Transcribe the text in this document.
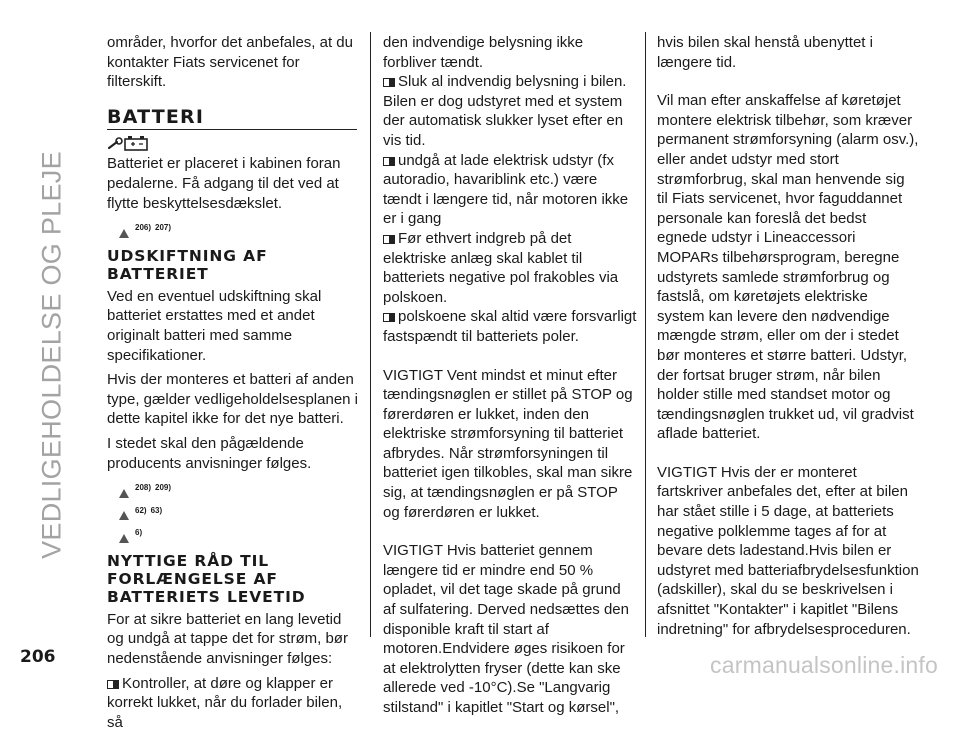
VEDLIGEHOLDELSE OG PLEJE

områder, hvorfor det anbefales, at du kontakter Fiats servicenet for filterskift.

BATTERI

Batteriet er placeret i kabinen foran pedalerne. Få adgang til det ved at flytte beskyttelsesdækslet.

206) 207)
UDSKIFTNING AF BATTERIET

Ved en eventuel udskiftning skal batteriet erstattes med et andet originalt batteri med samme specifikationer.

Hvis der monteres et batteri af anden type, gælder vedligeholdelsesplanen i dette kapitel ikke for det nye batteri.

I stedet skal den pågældende producents anvisninger følges.

208) 209)
62) 63)
6)
NYTTIGE RÅD TIL FORLÆNGELSE AF BATTERIETS LEVETID

For at sikre batteriet en lang levetid og undgå at tappe det for strøm, bør nedenstående anvisninger følges:

Kontroller, at døre og klapper er korrekt lukket, når du forlader bilen, så

den indvendige belysning ikke forbliver tændt.

Sluk al indvendig belysning i bilen.

Bilen er dog udstyret med et system der automatisk slukker lyset efter en vis tid.

undgå at lade elektrisk udstyr (fx autoradio, havariblink etc.) være tændt i længere tid, når motoren ikke er i gang

Før ethvert indgreb på det elektriske anlæg skal kablet til batteriets negative pol frakobles via polskoen.

polskoene skal altid være forsvarligt fastspændt til batteriets poler.

VIGTIGT Vent mindst et minut efter tændingsnøglen er stillet på STOP og førerdøren er lukket, inden den elektriske strømforsyning til batteriet afbrydes. Når strømforsyningen til batteriet igen tilkobles, skal man sikre sig, at tændingsnøglen er på STOP og førerdøren er lukket.

VIGTIGT Hvis batteriet gennem længere tid er mindre end 50 % opladet, vil det tage skade på grund af sulfatering. Derved nedsættes den disponible kraft til start af motoren.Endvidere øges risikoen for at elektrolytten fryser (dette kan ske allerede ved -10°C).Se "Langvarig stilstand" i kapitlet "Start og kørsel",

hvis bilen skal henstå ubenyttet i længere tid.

Vil man efter anskaffelse af køretøjet montere elektrisk tilbehør, som kræver permanent strømforsyning (alarm osv.), eller andet udstyr med stort strømforbrug, skal man henvende sig til Fiats servicenet, hvor faguddannet personale kan foreslå det bedst egnede udstyr i Lineaccessori MOPARs tilbehørsprogram, beregne udstyrets samlede strømforbrug og fastslå, om køretøjets elektriske system kan levere den nødvendige mængde strøm, eller om der i stedet bør monteres et større batteri. Udstyr, der fortsat bruger strøm, når bilen holder stille med standset motor og tændingsnøglen trukket ud, vil gradvist aflade batteriet.

VIGTIGT Hvis der er monteret fartskriver anbefales det, efter at bilen har stået stille i 5 dage, at batteriets negative polklemme tages af for at bevare dets ladestand.Hvis bilen er udstyret med batteriafbrydelsesfunktion (adskiller), skal du se beskrivelsen i afsnittet "Kontakter" i kapitlet "Bilens indretning" for afbrydelsesproceduren.

206	carmanualsonline.info
